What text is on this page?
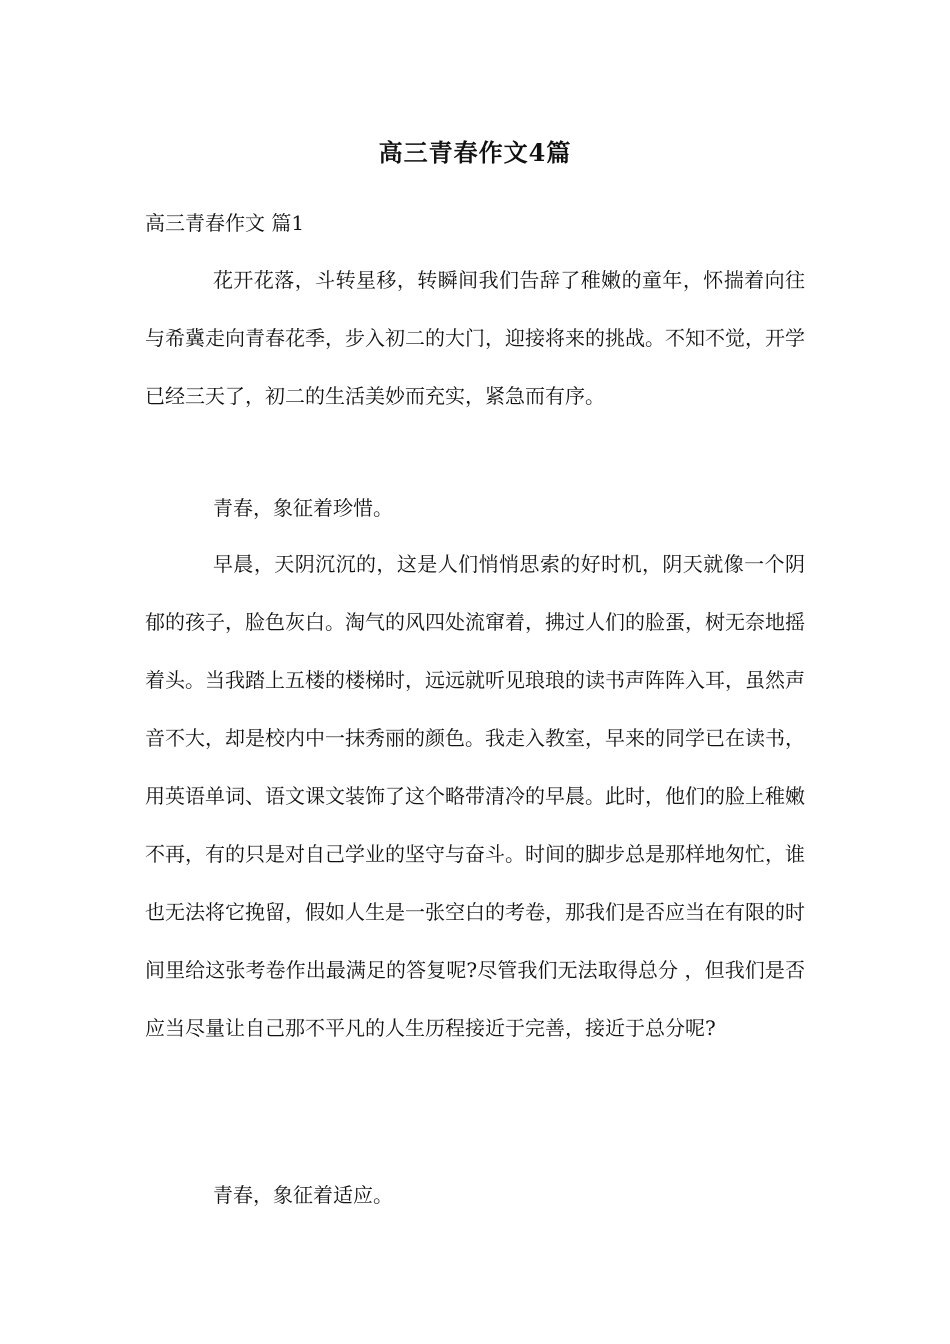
高三青春作文4篇
高三青春作文 篇1

花开花落，斗转星移，转瞬间我们告辞了稚嫩的童年，怀揣着向往与希冀走向青春花季，步入初二的大门，迎接将来的挑战。不知不觉，开学已经三天了，初二的生活美妙而充实，紧急而有序。

青春，象征着珍惜。

早晨，天阴沉沉的，这是人们悄悄思索的好时机，阴天就像一个阴郁的孩子，脸色灰白。淘气的风四处流窜着，拂过人们的脸蛋，树无奈地摇着头。当我踏上五楼的楼梯时，远远就听见琅琅的读书声阵阵入耳，虽然声音不大，却是校内中一抹秀丽的颜色。我走入教室，早来的同学已在读书，用英语单词、语文课文装饰了这个略带清冷的早晨。此时，他们的脸上稚嫩不再，有的只是对自己学业的坚守与奋斗。时间的脚步总是那样地匆忙，谁也无法将它挽留，假如人生是一张空白的考卷，那我们是否应当在有限的时间里给这张考卷作出最满足的答复呢?尽管我们无法取得总分 ，但我们是否应当尽量让自己那不平凡的人生历程接近于完善，接近于总分呢?

青春，象征着适应。
